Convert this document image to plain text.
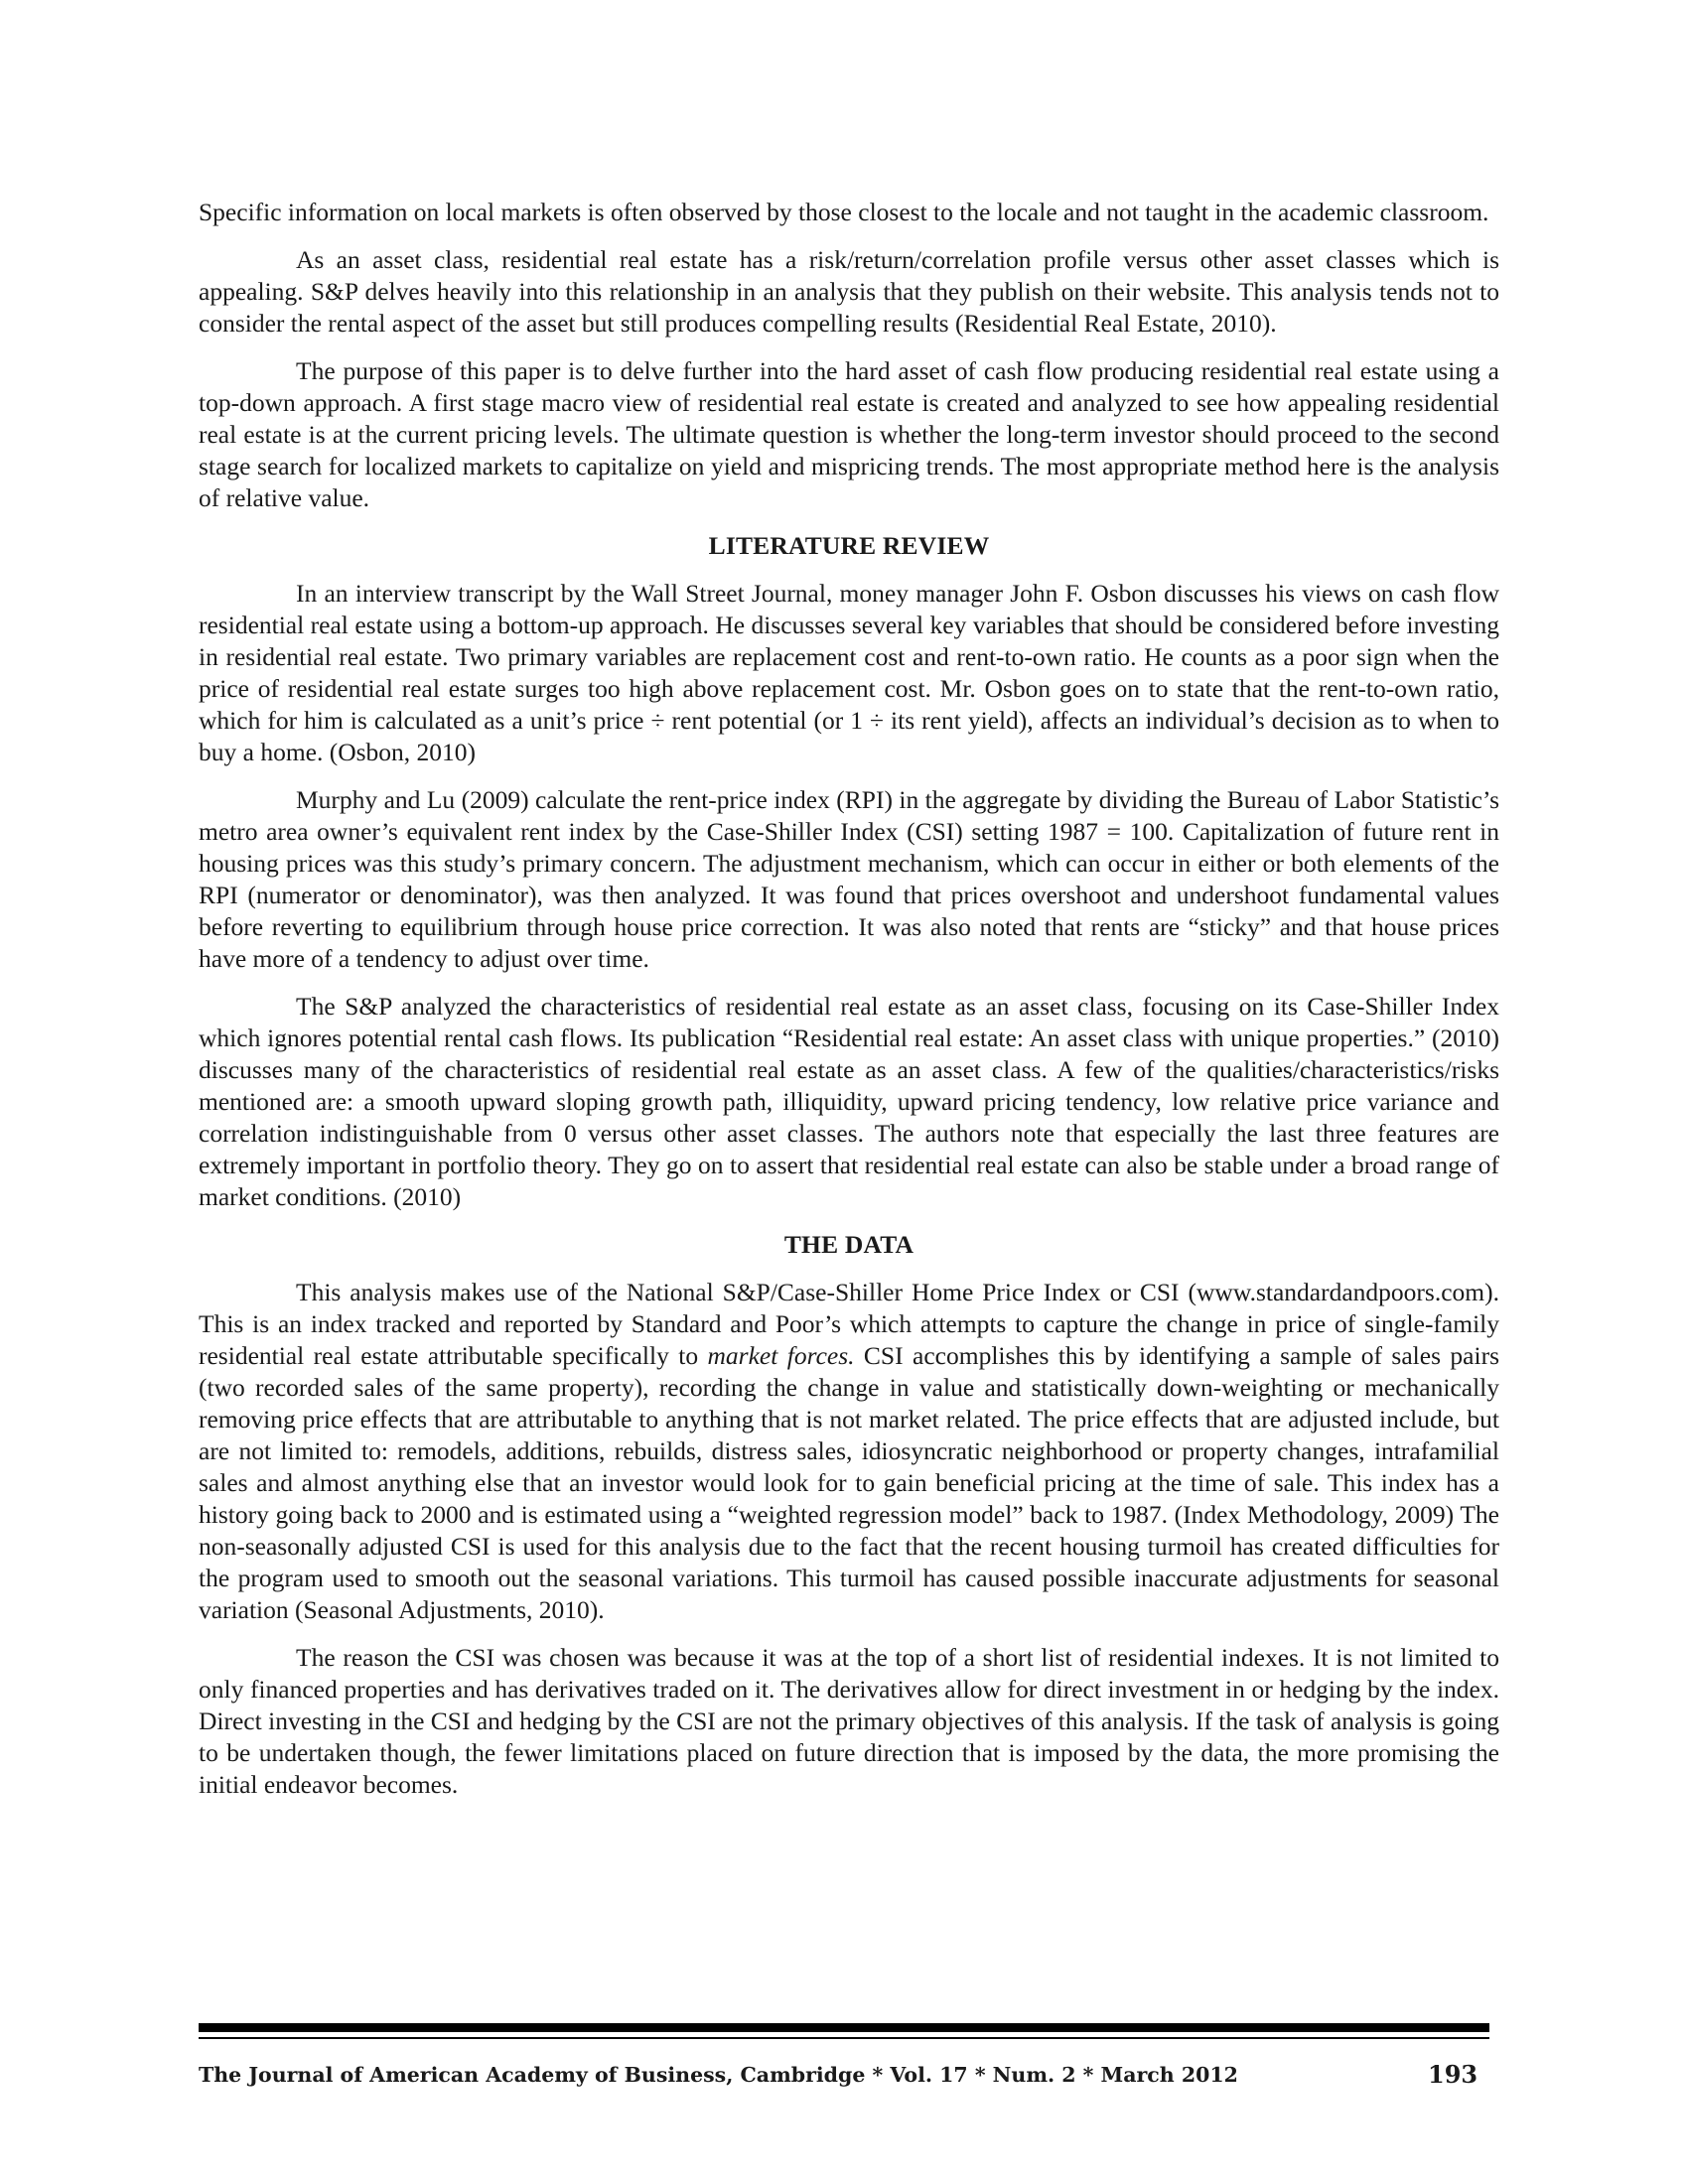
Specific information on local markets is often observed by those closest to the locale and not taught in the academic classroom.

As an asset class, residential real estate has a risk/return/correlation profile versus other asset classes which is appealing. S&P delves heavily into this relationship in an analysis that they publish on their website. This analysis tends not to consider the rental aspect of the asset but still produces compelling results (Residential Real Estate, 2010).

The purpose of this paper is to delve further into the hard asset of cash flow producing residential real estate using a top-down approach. A first stage macro view of residential real estate is created and analyzed to see how appealing residential real estate is at the current pricing levels. The ultimate question is whether the long-term investor should proceed to the second stage search for localized markets to capitalize on yield and mispricing trends. The most appropriate method here is the analysis of relative value.

LITERATURE REVIEW

In an interview transcript by the Wall Street Journal, money manager John F. Osbon discusses his views on cash flow residential real estate using a bottom-up approach. He discusses several key variables that should be considered before investing in residential real estate. Two primary variables are replacement cost and rent-to-own ratio. He counts as a poor sign when the price of residential real estate surges too high above replacement cost. Mr. Osbon goes on to state that the rent-to-own ratio, which for him is calculated as a unit’s price ÷ rent potential (or 1 ÷ its rent yield), affects an individual’s decision as to when to buy a home. (Osbon, 2010)

Murphy and Lu (2009) calculate the rent-price index (RPI) in the aggregate by dividing the Bureau of Labor Statistic’s metro area owner’s equivalent rent index by the Case-Shiller Index (CSI) setting 1987 = 100. Capitalization of future rent in housing prices was this study’s primary concern. The adjustment mechanism, which can occur in either or both elements of the RPI (numerator or denominator), was then analyzed. It was found that prices overshoot and undershoot fundamental values before reverting to equilibrium through house price correction. It was also noted that rents are “sticky” and that house prices have more of a tendency to adjust over time.

The S&P analyzed the characteristics of residential real estate as an asset class, focusing on its Case-Shiller Index which ignores potential rental cash flows. Its publication “Residential real estate: An asset class with unique properties.” (2010) discusses many of the characteristics of residential real estate as an asset class. A few of the qualities/characteristics/risks mentioned are: a smooth upward sloping growth path, illiquidity, upward pricing tendency, low relative price variance and correlation indistinguishable from 0 versus other asset classes. The authors note that especially the last three features are extremely important in portfolio theory. They go on to assert that residential real estate can also be stable under a broad range of market conditions. (2010)

THE DATA

This analysis makes use of the National S&P/Case-Shiller Home Price Index or CSI (www.standardandpoors.com). This is an index tracked and reported by Standard and Poor’s which attempts to capture the change in price of single-family residential real estate attributable specifically to market forces. CSI accomplishes this by identifying a sample of sales pairs (two recorded sales of the same property), recording the change in value and statistically down-weighting or mechanically removing price effects that are attributable to anything that is not market related. The price effects that are adjusted include, but are not limited to: remodels, additions, rebuilds, distress sales, idiosyncratic neighborhood or property changes, intrafamilial sales and almost anything else that an investor would look for to gain beneficial pricing at the time of sale. This index has a history going back to 2000 and is estimated using a “weighted regression model” back to 1987. (Index Methodology, 2009) The non-seasonally adjusted CSI is used for this analysis due to the fact that the recent housing turmoil has created difficulties for the program used to smooth out the seasonal variations. This turmoil has caused possible inaccurate adjustments for seasonal variation (Seasonal Adjustments, 2010).

The reason the CSI was chosen was because it was at the top of a short list of residential indexes. It is not limited to only financed properties and has derivatives traded on it. The derivatives allow for direct investment in or hedging by the index. Direct investing in the CSI and hedging by the CSI are not the primary objectives of this analysis. If the task of analysis is going to be undertaken though, the fewer limitations placed on future direction that is imposed by the data, the more promising the initial endeavor becomes.

The Journal of American Academy of Business, Cambridge * Vol. 17 * Num. 2 * March 2012	193
